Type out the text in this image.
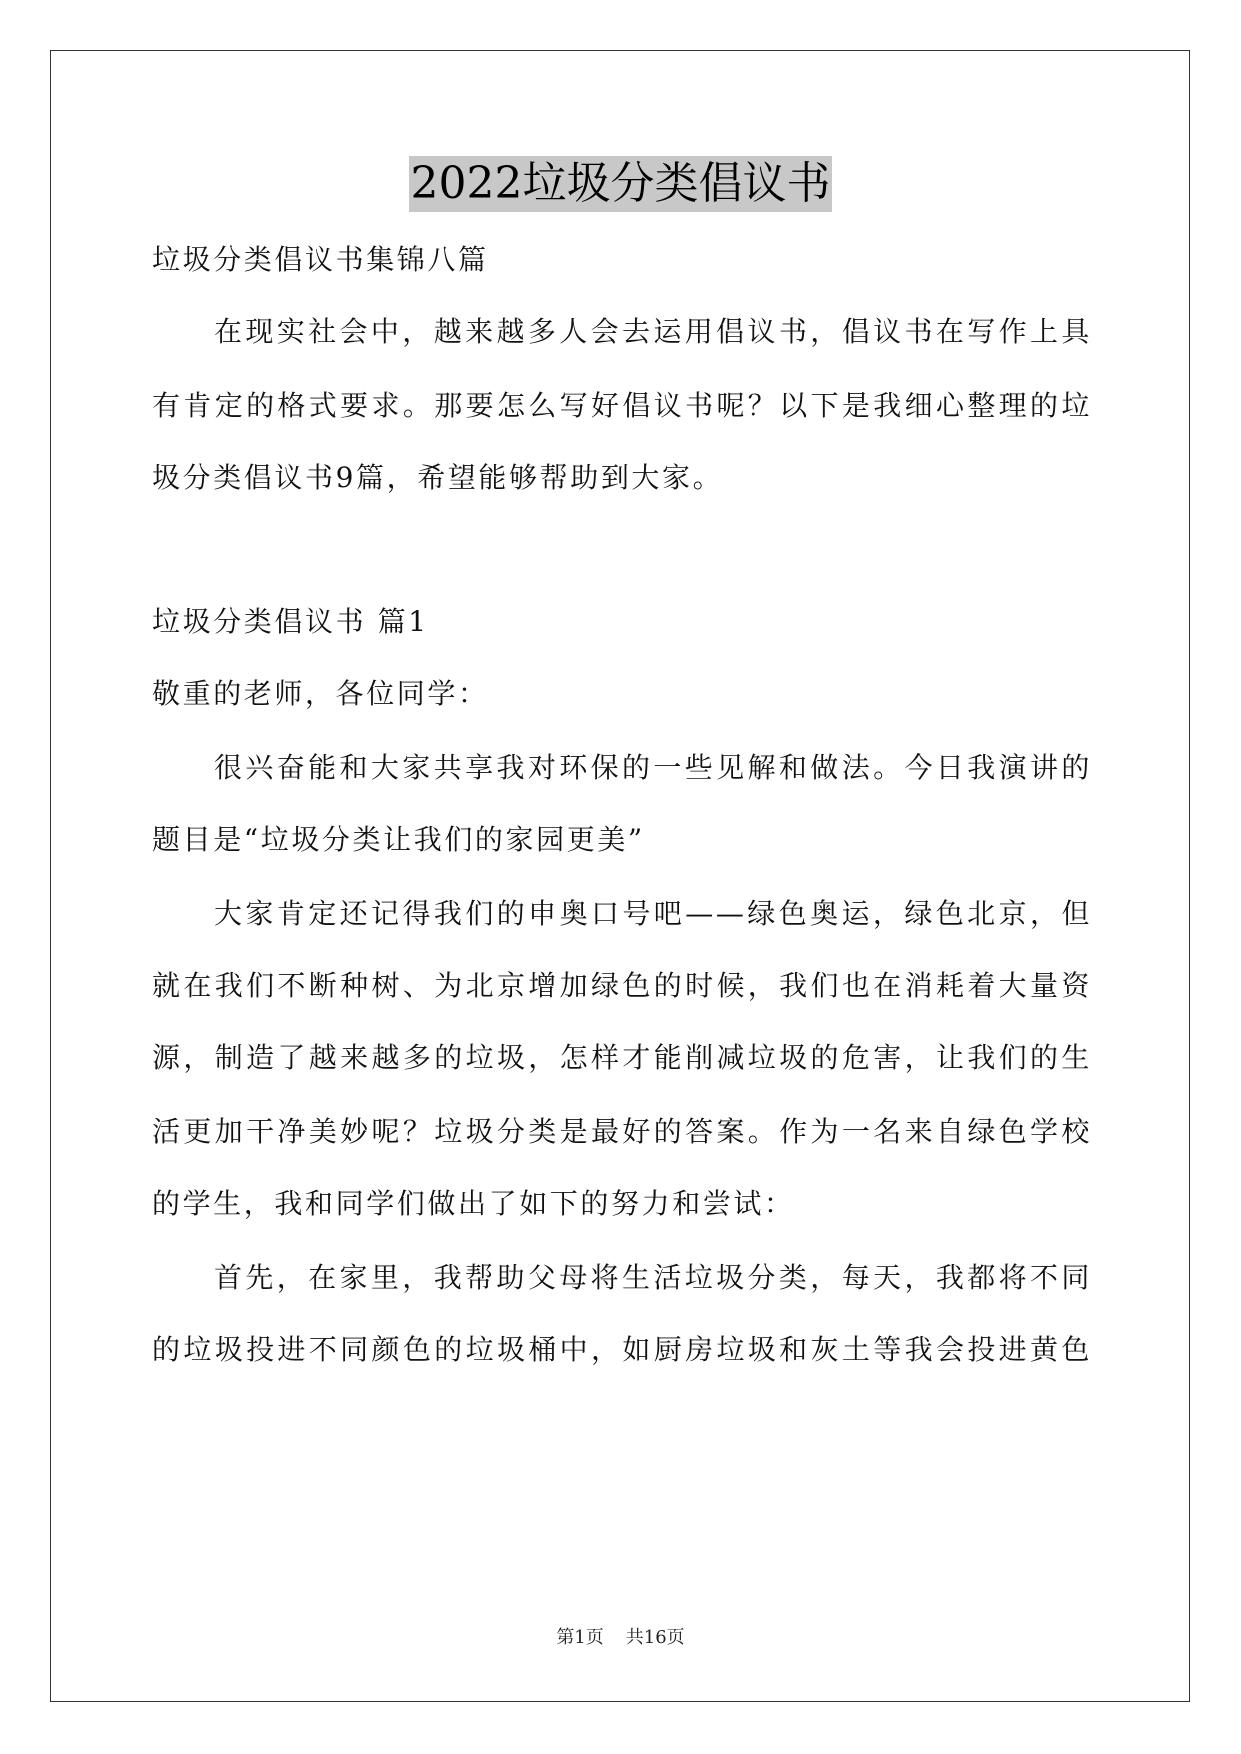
2022垃圾分类倡议书
垃圾分类倡议书集锦八篇
在现实社会中，越来越多人会去运用倡议书，倡议书在写作上具
有肯定的格式要求。那要怎么写好倡议书呢？以下是我细心整理的垃
圾分类倡议书9篇，希望能够帮助到大家。
垃圾分类倡议书 篇1
敬重的老师，各位同学：
很兴奋能和大家共享我对环保的一些见解和做法。今日我演讲的
题目是“垃圾分类让我们的家园更美”
大家肯定还记得我们的申奥口号吧——绿色奥运，绿色北京，但
就在我们不断种树、为北京增加绿色的时候，我们也在消耗着大量资
源，制造了越来越多的垃圾，怎样才能削减垃圾的危害，让我们的生
活更加干净美妙呢？垃圾分类是最好的答案。作为一名来自绿色学校
的学生，我和同学们做出了如下的努力和尝试：
首先，在家里，我帮助父母将生活垃圾分类，每天，我都将不同
的垃圾投进不同颜色的垃圾桶中，如厨房垃圾和灰土等我会投进黄色
第1页 共16页
